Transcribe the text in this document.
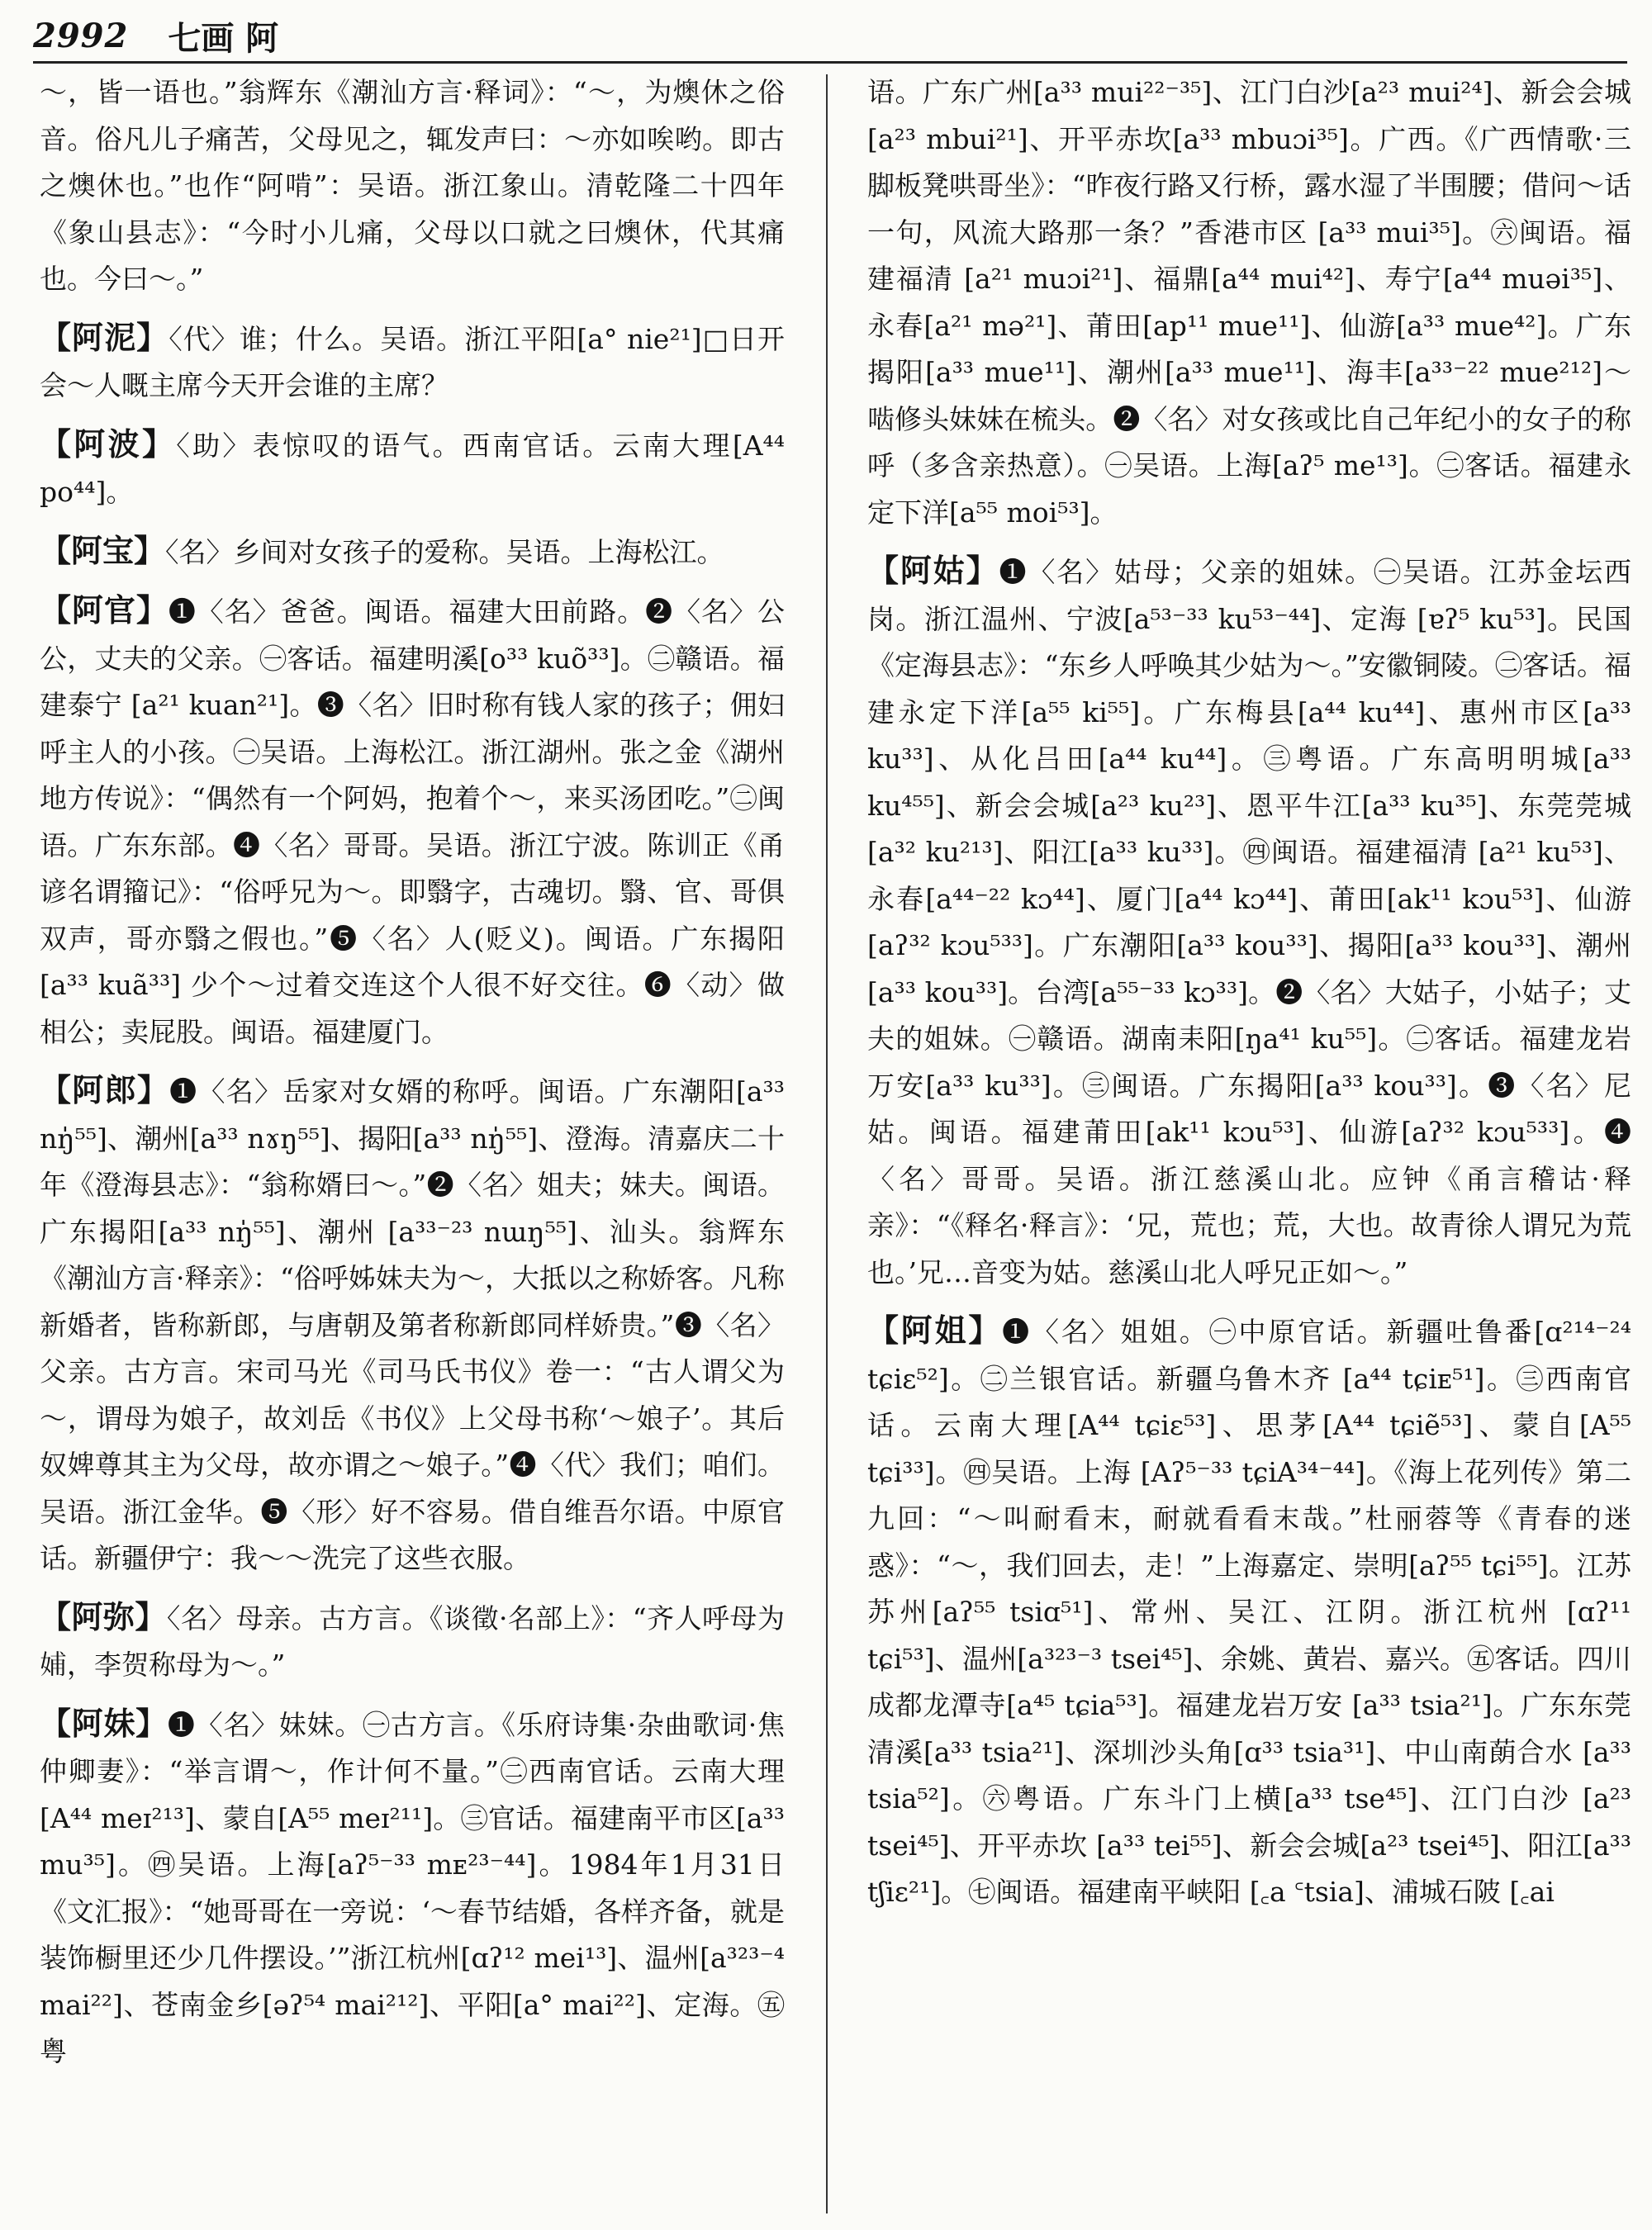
2992 七画 阿

～，皆一语也。”翁辉东《潮汕方言·释词》：“～，为燠休之俗音。俗凡儿子痛苦，父母见之，辄发声曰：～亦如唉哟。即古之燠休也。”也作“阿啃”：吴语。浙江象山。清乾隆二十四年《象山县志》：“今时小儿痛，父母以口就之曰燠休，代其痛也。今曰～。”

【阿泥】〈代〉谁；什么。吴语。浙江平阳[a° nie²¹]□日开会～人嘅主席今天开会谁的主席？

【阿波】〈助〉表惊叹的语气。西南官话。云南大理[A⁴⁴ po⁴⁴]。

【阿宝】〈名〉乡间对女孩子的爱称。吴语。上海松江。

【阿官】❶〈名〉爸爸。闽语。福建大田前路。❷〈名〉公公，丈夫的父亲。㊀客话。福建明溪[o³³ kuõ³³]。㊁赣语。福建泰宁 [a²¹ kuan²¹]。❸〈名〉旧时称有钱人家的孩子；佣妇呼主人的小孩。㊀吴语。上海松江。浙江湖州。张之金《湖州地方传说》：“偶然有一个阿妈，抱着个～，来买汤团吃。”㊁闽语。广东东部。❹〈名〉哥哥。吴语。浙江宁波。陈训正《甬谚名谓籀记》：“俗呼兄为～。即翳字，古魂切。翳、官、哥俱双声，哥亦翳之假也。”❺〈名〉人(贬义)。闽语。广东揭阳[a³³ kuã³³] 少个～过着交连这个人很不好交往。❻〈动〉做相公；卖屁股。闽语。福建厦门。

【阿郎】❶〈名〉岳家对女婿的称呼。闽语。广东潮阳[a³³ nŋ̍⁵⁵]、潮州[a³³ nɤŋ⁵⁵]、揭阳[a³³ nŋ̍⁵⁵]、澄海。清嘉庆二十年《澄海县志》：“翁称婿曰～。”❷〈名〉姐夫；妹夫。闽语。广东揭阳[a³³ nŋ̍⁵⁵]、潮州 [a³³⁻²³ nɯŋ⁵⁵]、汕头。翁辉东《潮汕方言·释亲》：“俗呼姊妹夫为～，大抵以之称娇客。凡称新婚者，皆称新郎，与唐朝及第者称新郎同样娇贵。”❸〈名〉父亲。古方言。宋司马光《司马氏书仪》卷一：“古人谓父为～，谓母为娘子，故刘岳《书仪》上父母书称‘～娘子’。其后奴婢尊其主为父母，故亦谓之～娘子。”❹〈代〉我们；咱们。吴语。浙江金华。❺〈形〉好不容易。借自维吾尔语。中原官话。新疆伊宁：我～～洗完了这些衣服。

【阿弥】〈名〉母亲。古方言。《谈徵·名部上》：“齐人呼母为𡜵，李贺称母为～。”

【阿妹】❶〈名〉妹妹。㊀古方言。《乐府诗集·杂曲歌词·焦仲卿妻》：“举言谓～，作计何不量。”㊁西南官话。云南大理[A⁴⁴ meɪ²¹³]、蒙自[A⁵⁵ meɪ²¹¹]。㊂官话。福建南平市区[a³³ mu³⁵]。㊃吴语。上海[aʔ⁵⁻³³ mᴇ²³⁻⁴⁴]。1984年1月31日《文汇报》：“她哥哥在一旁说：‘～春节结婚，各样齐备，就是装饰橱里还少几件摆设。’”浙江杭州[ɑʔ¹² mei¹³]、温州[a³²³⁻⁴ mai²²]、苍南金乡[əʔ⁵⁴ mai²¹²]、平阳[a° mai²²]、定海。㊄粤

语。广东广州[a³³ mui²²⁻³⁵]、江门白沙[a²³ mui²⁴]、新会会城[a²³ mbui²¹]、开平赤坎[a³³ mbuɔi³⁵]。广西。《广西情歌·三脚板凳哄哥坐》：“昨夜行路又行桥，露水湿了半围腰；借问～话一句，风流大路那一条？”香港市区 [a³³ mui³⁵]。㊅闽语。福建福清 [a²¹ muɔi²¹]、福鼎[a⁴⁴ mui⁴²]、寿宁[a⁴⁴ muəi³⁵]、永春[a²¹ mə²¹]、莆田[ap¹¹ mue¹¹]、仙游[a³³ mue⁴²]。广东揭阳[a³³ mue¹¹]、潮州[a³³ mue¹¹]、海丰[a³³⁻²² mue²¹²]～啮修头妹妹在梳头。❷〈名〉对女孩或比自己年纪小的女子的称呼（多含亲热意）。㊀吴语。上海[aʔ⁵ me¹³]。㊁客话。福建永定下洋[a⁵⁵ moi⁵³]。

【阿姑】❶〈名〉姑母；父亲的姐妹。㊀吴语。江苏金坛西岗。浙江温州、宁波[a⁵³⁻³³ ku⁵³⁻⁴⁴]、定海 [ɐʔ⁵ ku⁵³]。民国《定海县志》：“东乡人呼唤其少姑为～。”安徽铜陵。㊁客话。福建永定下洋[a⁵⁵ ki⁵⁵]。广东梅县[a⁴⁴ ku⁴⁴]、惠州市区[a³³ ku³³]、从化吕田[a⁴⁴ ku⁴⁴]。㊂粤语。广东高明明城[a³³ ku⁴⁵⁵]、新会会城[a²³ ku²³]、恩平牛江[a³³ ku³⁵]、东莞莞城[a³² ku²¹³]、阳江[a³³ ku³³]。㊃闽语。福建福清 [a²¹ ku⁵³]、永春[a⁴⁴⁻²² kɔ⁴⁴]、厦门[a⁴⁴ kɔ⁴⁴]、莆田[ak¹¹ kɔu⁵³]、仙游[aʔ³² kɔu⁵³³]。广东潮阳[a³³ kou³³]、揭阳[a³³ kou³³]、潮州[a³³ kou³³]。台湾[a⁵⁵⁻³³ kɔ³³]。❷〈名〉大姑子，小姑子；丈夫的姐妹。㊀赣语。湖南耒阳[ŋa⁴¹ ku⁵⁵]。㊁客话。福建龙岩万安[a³³ ku³³]。㊂闽语。广东揭阳[a³³ kou³³]。❸〈名〉尼姑。闽语。福建莆田[ak¹¹ kɔu⁵³]、仙游[aʔ³² kɔu⁵³³]。❹〈名〉哥哥。吴语。浙江慈溪山北。应钟《甬言稽诂·释亲》：“《释名·释言》：‘兄，荒也；荒，大也。故青徐人谓兄为荒也。’兄…音变为姑。慈溪山北人呼兄正如～。”

【阿姐】❶〈名〉姐姐。㊀中原官话。新疆吐鲁番[ɑ²¹⁴⁻²⁴ tɕiɛ⁵²]。㊁兰银官话。新疆乌鲁木齐 [a⁴⁴ tɕiᴇ⁵¹]。㊂西南官话。云南大理[A⁴⁴ tɕiɛ⁵³]、思茅[A⁴⁴ tɕiẽ⁵³]、蒙自[A⁵⁵ tɕi³³]。㊃吴语。上海 [Aʔ⁵⁻³³ tɕiA³⁴⁻⁴⁴]。《海上花列传》第二九回：“～叫耐看末，耐就看看末哉。”杜丽蓉等《青春的迷惑》：“～，我们回去，走！”上海嘉定、崇明[aʔ⁵⁵ tɕi⁵⁵]。江苏苏州[aʔ⁵⁵ tsiɑ⁵¹]、常州、吴江、江阴。浙江杭州 [ɑʔ¹¹ tɕi⁵³]、温州[a³²³⁻³ tsei⁴⁵]、余姚、黄岩、嘉兴。㊄客话。四川成都龙潭寺[a⁴⁵ tɕia⁵³]。福建龙岩万安 [a³³ tsia²¹]。广东东莞清溪[a³³ tsia²¹]、深圳沙头角[ɑ³³ tsia³¹]、中山南蓢合水 [a³³ tsia⁵²]。㊅粤语。广东斗门上横[a³³ tse⁴⁵]、江门白沙 [a²³ tsei⁴⁵]、开平赤坎 [a³³ tei⁵⁵]、新会会城[a²³ tsei⁴⁵]、阳江[a³³ tʃiɛ²¹]。㊆闽语。福建南平峡阳 [꜀a ꜂tsia]、浦城石陂 [꜀ai
